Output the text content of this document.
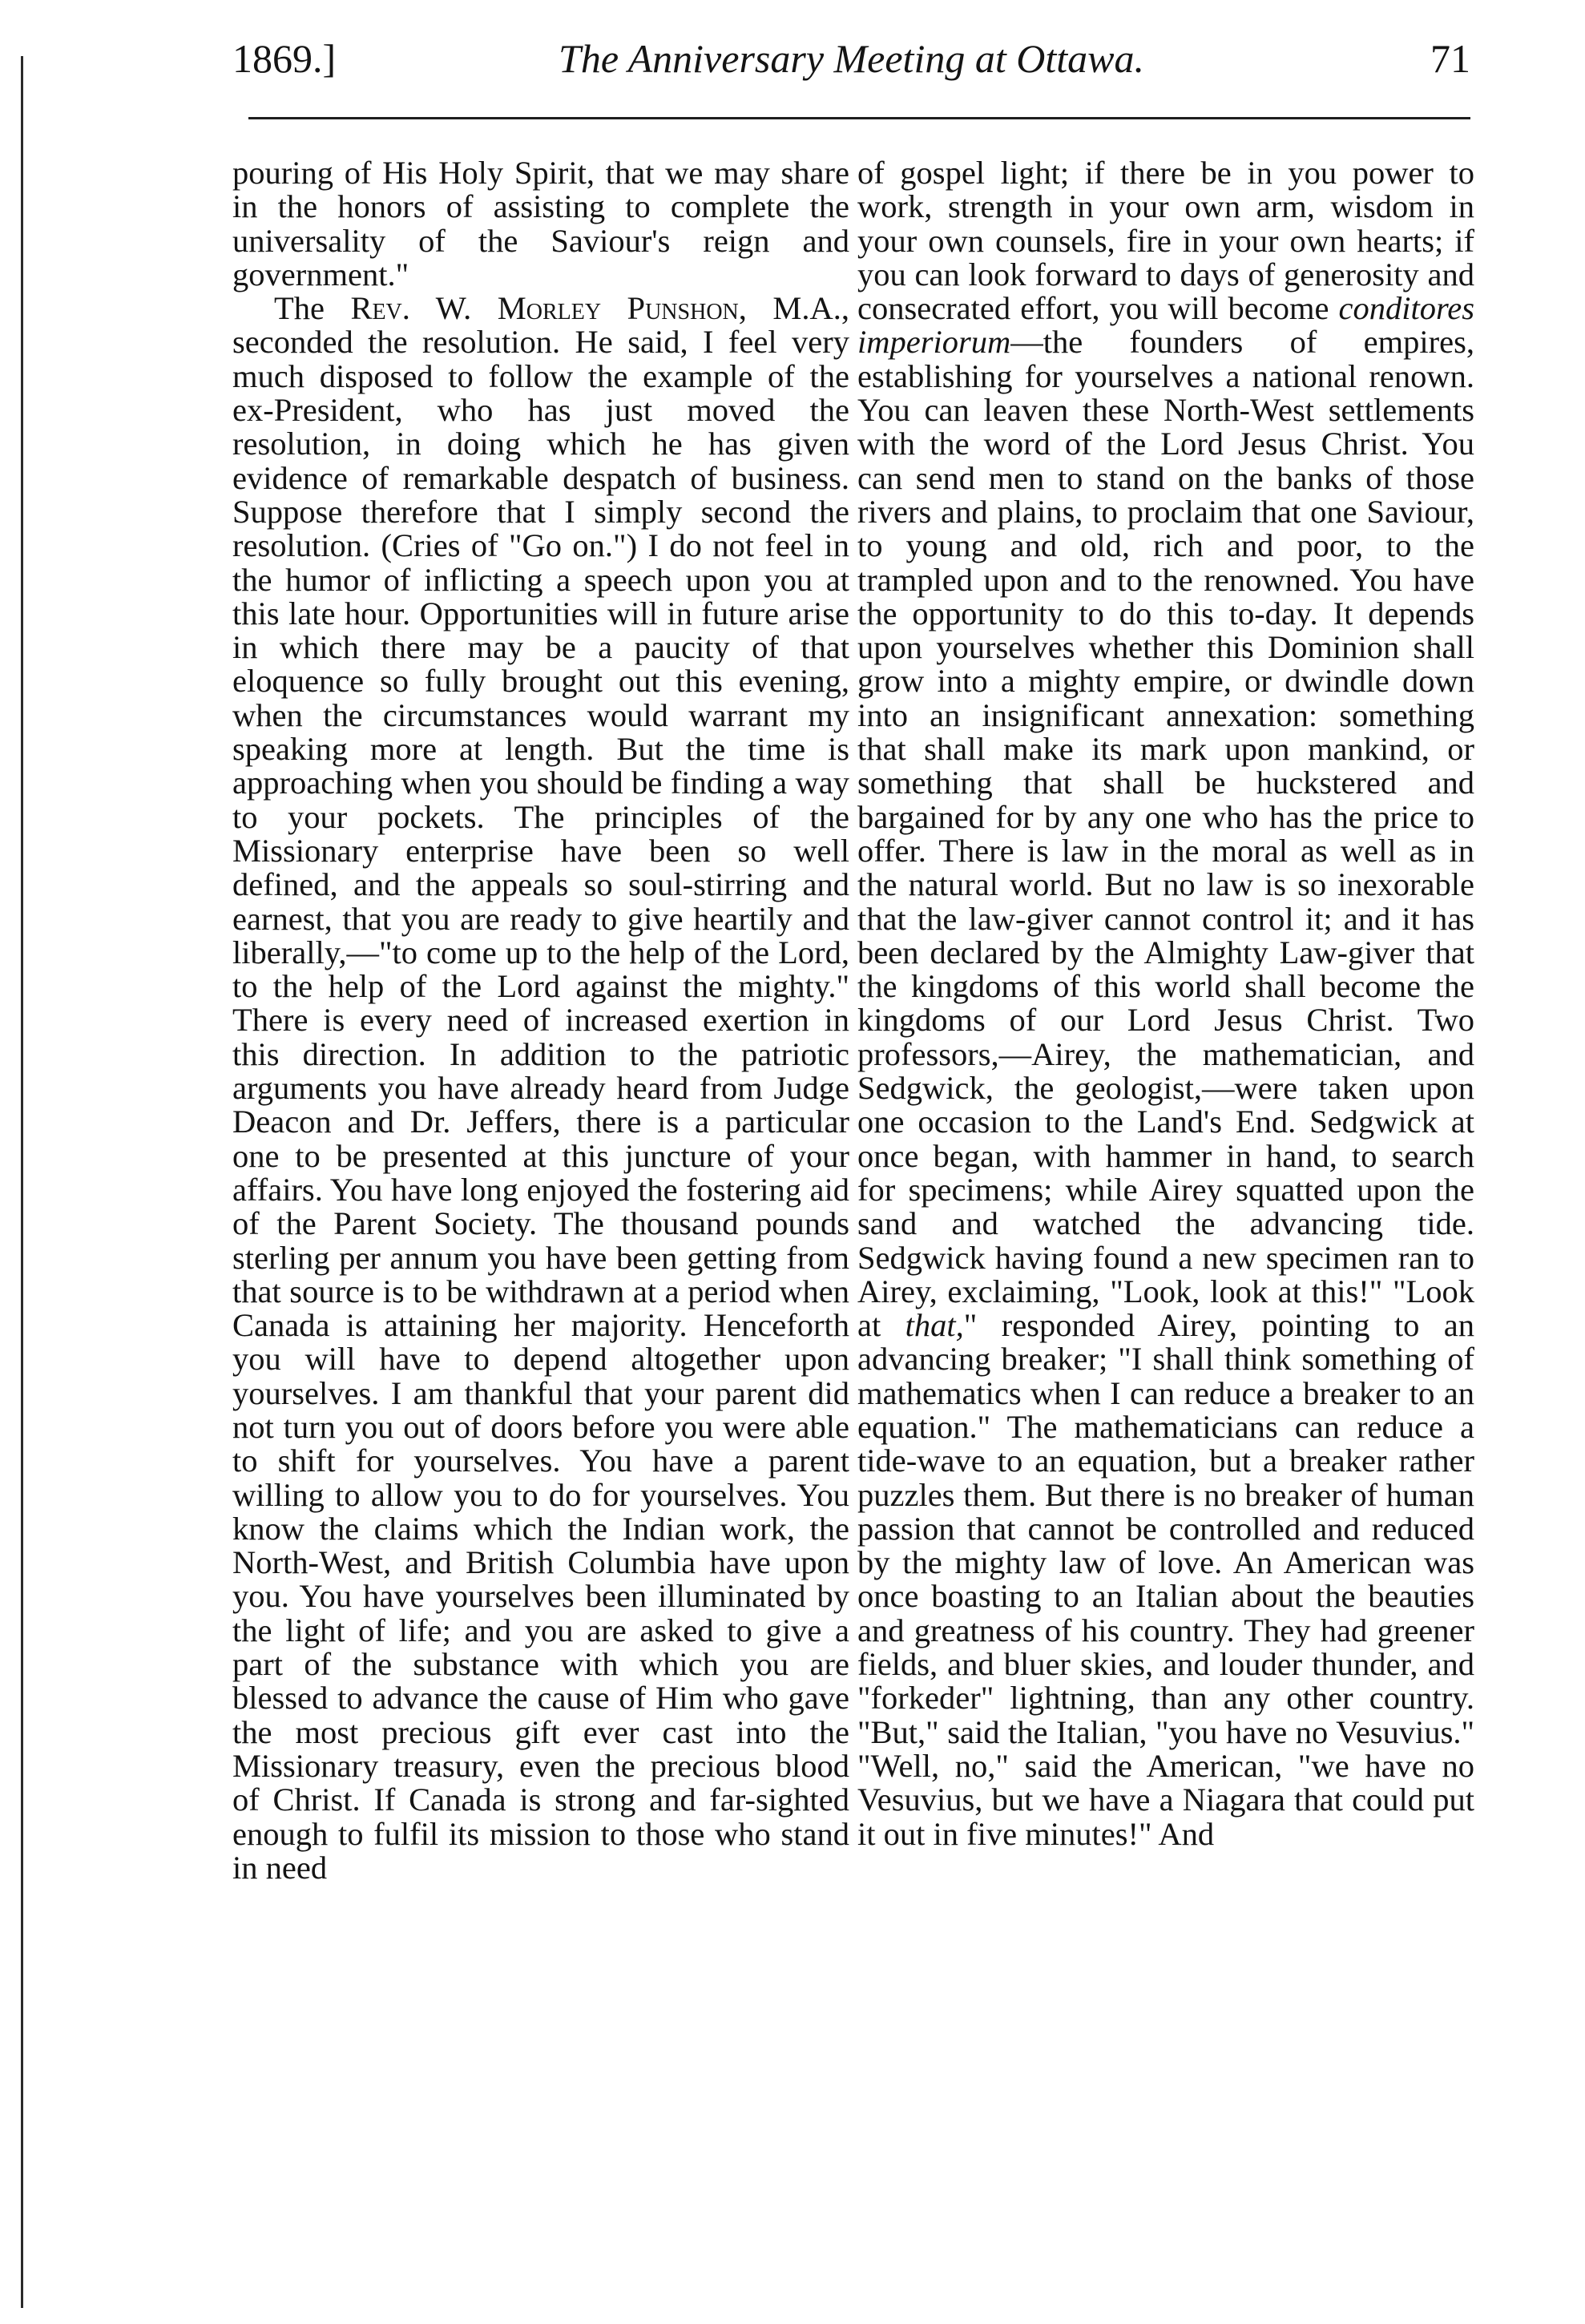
1869.]	The Anniversary Meeting at Ottawa.	71

pouring of His Holy Spirit, that we may share in the honors of assisting to complete the universality of the Saviour's reign and government."

The Rev. W. Morley Punshon, M.A., seconded the resolution. He said, I feel very much disposed to follow the example of the ex-President, who has just moved the resolution, in doing which he has given evidence of remarkable despatch of business. Suppose therefore that I simply second the resolution. (Cries of "Go on.") I do not feel in the humor of inflicting a speech upon you at this late hour. Opportunities will in future arise in which there may be a paucity of that eloquence so fully brought out this evening, when the circumstances would warrant my speaking more at length. But the time is approaching when you should be finding a way to your pockets. The principles of the Missionary enterprise have been so well defined, and the appeals so soul-stirring and earnest, that you are ready to give heartily and liberally,—"to come up to the help of the Lord, to the help of the Lord against the mighty." There is every need of increased exertion in this direction. In addition to the patriotic arguments you have already heard from Judge Deacon and Dr. Jeffers, there is a particular one to be presented at this juncture of your affairs. You have long enjoyed the fostering aid of the Parent Society. The thousand pounds sterling per annum you have been getting from that source is to be withdrawn at a period when Canada is attaining her majority. Henceforth you will have to depend altogether upon yourselves. I am thankful that your parent did not turn you out of doors before you were able to shift for yourselves. You have a parent willing to allow you to do for yourselves. You know the claims which the Indian work, the North-West, and British Columbia have upon you. You have yourselves been illuminated by the light of life; and you are asked to give a part of the substance with which you are blessed to advance the cause of Him who gave the most precious gift ever cast into the Missionary treasury, even the precious blood of Christ. If Canada is strong and far-sighted enough to fulfil its mission to those who stand in need

of gospel light; if there be in you power to work, strength in your own arm, wisdom in your own counsels, fire in your own hearts; if you can look forward to days of generosity and consecrated effort, you will become conditores imperiorum—the founders of empires, establishing for yourselves a national renown. You can leaven these North-West settlements with the word of the Lord Jesus Christ. You can send men to stand on the banks of those rivers and plains, to proclaim that one Saviour, to young and old, rich and poor, to the trampled upon and to the renowned. You have the opportunity to do this to-day. It depends upon yourselves whether this Dominion shall grow into a mighty empire, or dwindle down into an insignificant annexation: something that shall make its mark upon mankind, or something that shall be huckstered and bargained for by any one who has the price to offer. There is law in the moral as well as in the natural world. But no law is so inexorable that the law-giver cannot control it; and it has been declared by the Almighty Law-giver that the kingdoms of this world shall become the kingdoms of our Lord Jesus Christ. Two professors,—Airey, the mathematician, and Sedgwick, the geologist,—were taken upon one occasion to the Land's End. Sedgwick at once began, with hammer in hand, to search for specimens; while Airey squatted upon the sand and watched the advancing tide. Sedgwick having found a new specimen ran to Airey, exclaiming, "Look, look at this!" "Look at that," responded Airey, pointing to an advancing breaker; "I shall think something of mathematics when I can reduce a breaker to an equation." The mathematicians can reduce a tide-wave to an equation, but a breaker rather puzzles them. But there is no breaker of human passion that cannot be controlled and reduced by the mighty law of love. An American was once boasting to an Italian about the beauties and greatness of his country. They had greener fields, and bluer skies, and louder thunder, and "forkeder" lightning, than any other country. "But," said the Italian, "you have no Vesuvius." "Well, no," said the American, "we have no Vesuvius, but we have a Niagara that could put it out in five minutes!" And
